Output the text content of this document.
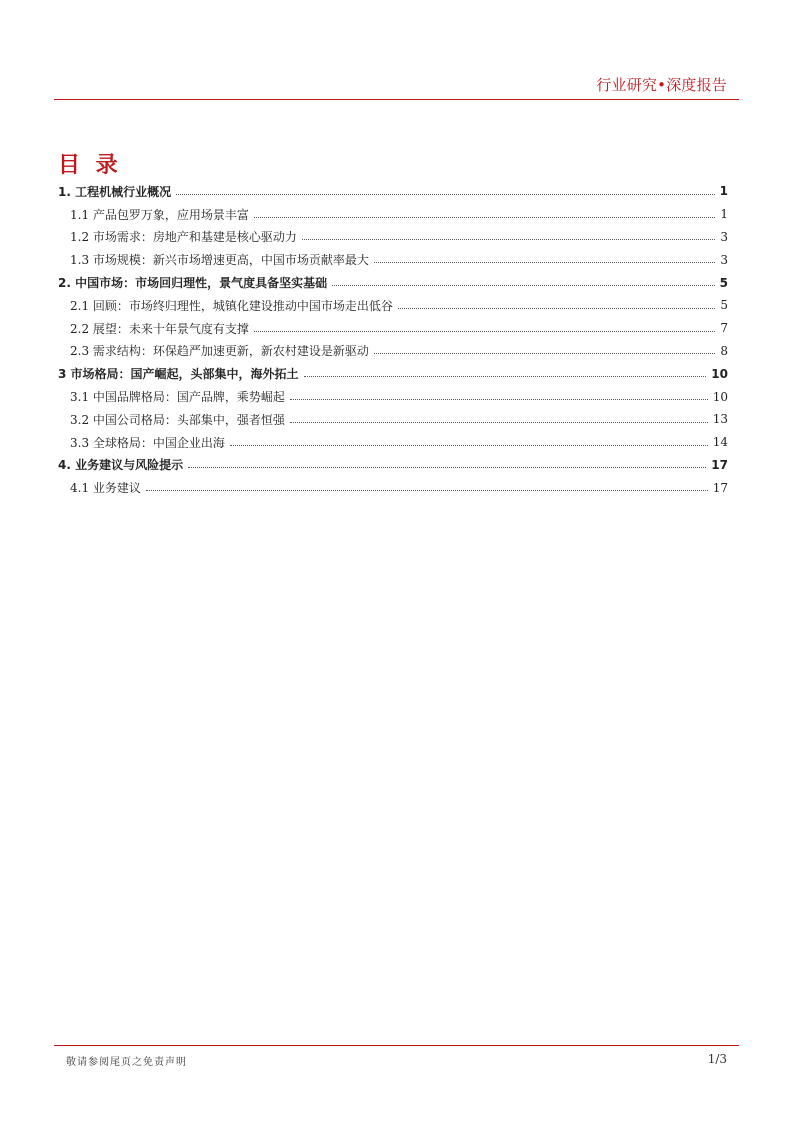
行业研究•深度报告
目 录
1. 工程机械行业概况	1
1.1 产品包罗万象，应用场景丰富	1
1.2 市场需求：房地产和基建是核心驱动力	3
1.3 市场规模：新兴市场增速更高，中国市场贡献率最大	3
2. 中国市场：市场回归理性，景气度具备坚实基础	5
2.1 回顾：市场终归理性，城镇化建设推动中国市场走出低谷	5
2.2 展望：未来十年景气度有支撑	7
2.3 需求结构：环保趋严加速更新，新农村建设是新驱动	8
3 市场格局：国产崛起，头部集中，海外拓土	10
3.1 中国品牌格局：国产品牌，乘势崛起	10
3.2 中国公司格局：头部集中，强者恒强	13
3.3 全球格局：中国企业出海	14
4. 业务建议与风险提示	17
4.1 业务建议	17
敬请参阅尾页之免责声明	1/3
